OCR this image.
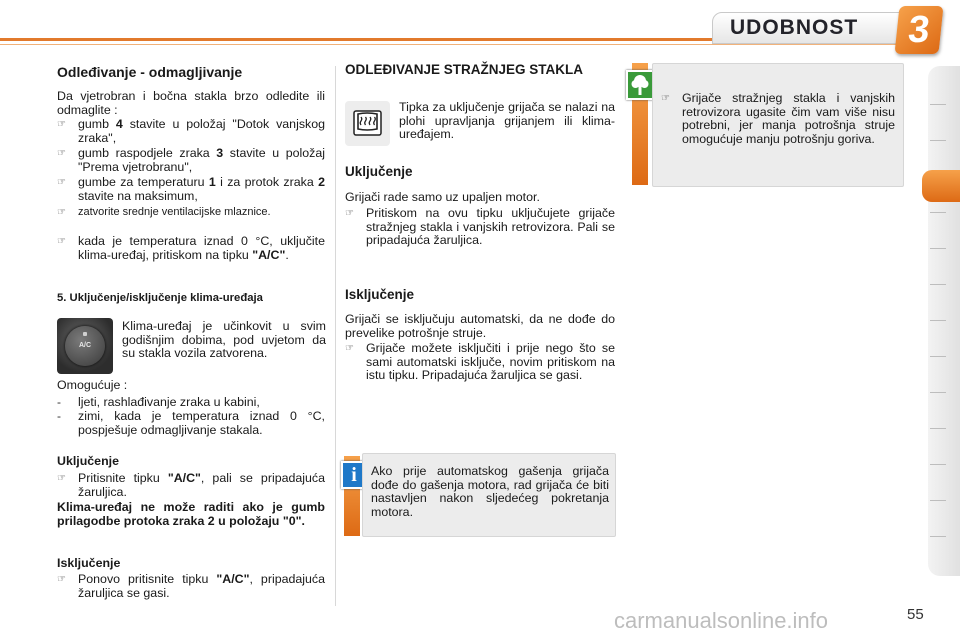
UDOBNOST	3
Odleđivanje - odmagljivanje
Da vjetrobran i bočna stakla brzo odledite ili odmaglite :
☞ gumb 4 stavite u položaj "Dotok vanjskog zraka",
☞ gumb raspodjele zraka 3 stavite u položaj "Prema vjetrobranu",
☞ gumbe za temperaturu 1 i za protok zraka 2 stavite na maksimum,
☞ zatvorite srednje ventilacijske mlaznice.
☞ kada je temperatura iznad 0 °C, uključite klima-uređaj, pritiskom na tipku "A/C".
5. Uključenje/isključenje klima-uređaja
A/C
Klima-uređaj je učinkovit u svim godišnjim dobima, pod uvjetom da su stakla vozila zatvorena.
Omogućuje :
- ljeti, rashlađivanje zraka u kabini,
- zimi, kada je temperatura iznad 0 °C, pospješuje odmagljivanje stakala.
Uključenje
☞ Pritisnite tipku "A/C", pali se pripadajuća žaruljica.
Klima-uređaj ne može raditi ako je gumb prilagodbe protoka zraka 2 u položaju "0".
Isključenje
☞ Ponovo pritisnite tipku "A/C", pripadajuća žaruljica se gasi.
ODLEĐIVANJE STRAŽNJEG STAKLA
Tipka za uključenje grijača se nalazi na plohi upravljanja grijanjem ili klima-uređajem.
Uključenje
Grijači rade samo uz upaljen motor.
☞ Pritiskom na ovu tipku uključujete grijače stražnjeg stakla i vanjskih retrovizora. Pali se pripadajuća žaruljica.
Isključenje
Grijači se isključuju automatski, da ne dođe do prevelike potrošnje struje.
☞ Grijače možete isključiti i prije nego što se sami automatski isključe, novim pritiskom na istu tipku. Pripadajuća žaruljica se gasi.
i	Ako prije automatskog gašenja grijača dođe do gašenja motora, rad grijača će biti nastavljen nakon sljedećeg pokretanja motora.
☞ Grijače stražnjeg stakla i vanjskih retrovizora ugasite čim vam više nisu potrebni, jer manja potrošnja struje omogućuje manju potrošnju goriva.
carmanualsonline.info	55
